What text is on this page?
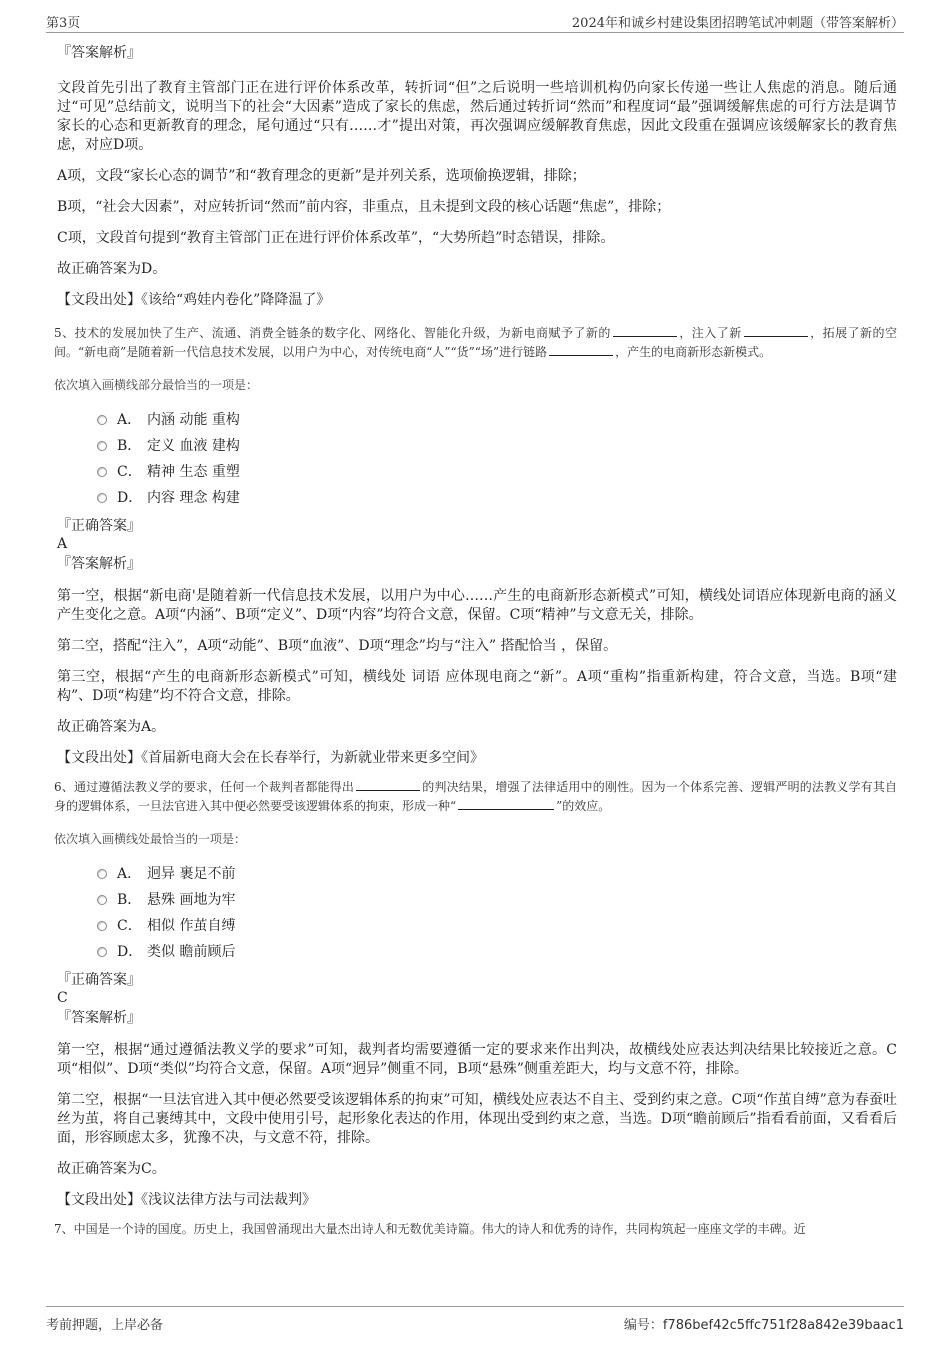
第3页	2024年和诚乡村建设集团招聘笔试冲刺题（带答案解析）

『答案解析』

文段首先引出了教育主管部门正在进行评价体系改革，转折词“但”之后说明一些培训机构仍向家长传递一些让人焦虑的消息。随后通过“可见”总结前文，说明当下的社会“大因素”造成了家长的焦虑，然后通过转折词“然而”和程度词“最”强调缓解焦虑的可行方法是调节家长的心态和更新教育的理念，尾句通过“只有……才”提出对策，再次强调应缓解教育焦虑，因此文段重在强调应该缓解家长的教育焦虑，对应D项。

A项，文段“家长心态的调节”和“教育理念的更新”是并列关系，选项偷换逻辑，排除；

B项，“社会大因素”，对应转折词“然而”前内容，非重点，且未提到文段的核心话题“焦虑”，排除；

C项，文段首句提到“教育主管部门正在进行评价体系改革”，“大势所趋”时态错误，排除。

故正确答案为D。

【文段出处】《该给“鸡娃内卷化”降降温了》

5、技术的发展加快了生产、流通、消费全链条的数字化、网络化、智能化升级，为新电商赋予了新的	，注入了新	，拓展了新的空间。“新电商”是随着新一代信息技术发展，以用户为中心，对传统电商“人”“货”“场”进行链路	，产生的电商新形态新模式。

依次填入画横线部分最恰当的一项是：

A． 内涵 动能 重构
B． 定义 血液 建构
C． 精神 生态 重塑
D． 内容 理念 构建

『正确答案』

A

『答案解析』

第一空，根据“新电商'是随着新一代信息技术发展，以用户为中心……产生的电商新形态新模式”可知，横线处词语应体现新电商的涵义产生变化之意。A项“内涵”、B项“定义”、D项“内容”均符合文意，保留。C项“精神”与文意无关，排除。

第二空，搭配“注入”，A项“动能”、B项“血液”、D项“理念”均与“注入” 搭配恰当 ，保留。

第三空，根据“产生的电商新形态新模式”可知，横线处 词语 应体现电商之“新”。A项“重构”指重新构建，符合文意，当选。B项“建构”、D项“构建”均不符合文意，排除。

故正确答案为A。

【文段出处】《首届新电商大会在长春举行，为新就业带来更多空间》

6、通过遵循法教义学的要求，任何一个裁判者都能得出	的判决结果，增强了法律适用中的刚性。因为一个体系完善、逻辑严明的法教义学有其自身的逻辑体系，一旦法官进入其中便必然要受该逻辑体系的拘束，形成一种“	”的效应。

依次填入画横线处最恰当的一项是：

A． 迥异 裹足不前
B． 悬殊 画地为牢
C． 相似 作茧自缚
D． 类似 瞻前顾后

『正确答案』

C

『答案解析』

第一空，根据“通过遵循法教义学的要求”可知，裁判者均需要遵循一定的要求来作出判决，故横线处应表达判决结果比较接近之意。C项“相似”、D项“类似”均符合文意，保留。A项“迥异”侧重不同，B项“悬殊”侧重差距大，均与文意不符，排除。

第二空，根据“一旦法官进入其中便必然要受该逻辑体系的拘束”可知，横线处应表达不自主、受到约束之意。C项“作茧自缚”意为春蚕吐丝为茧，将自己裹缚其中，文段中使用引号，起形象化表达的作用，体现出受到约束之意，当选。D项“瞻前顾后”指看看前面，又看看后面，形容顾虑太多，犹豫不决，与文意不符，排除。

故正确答案为C。

【文段出处】《浅议法律方法与司法裁判》

7、中国是一个诗的国度。历史上，我国曾涌现出大量杰出诗人和无数优美诗篇。伟大的诗人和优秀的诗作，共同构筑起一座座文学的丰碑。近

考前押题，上岸必备	编号：f786bef42c5ffc751f28a842e39baac1
